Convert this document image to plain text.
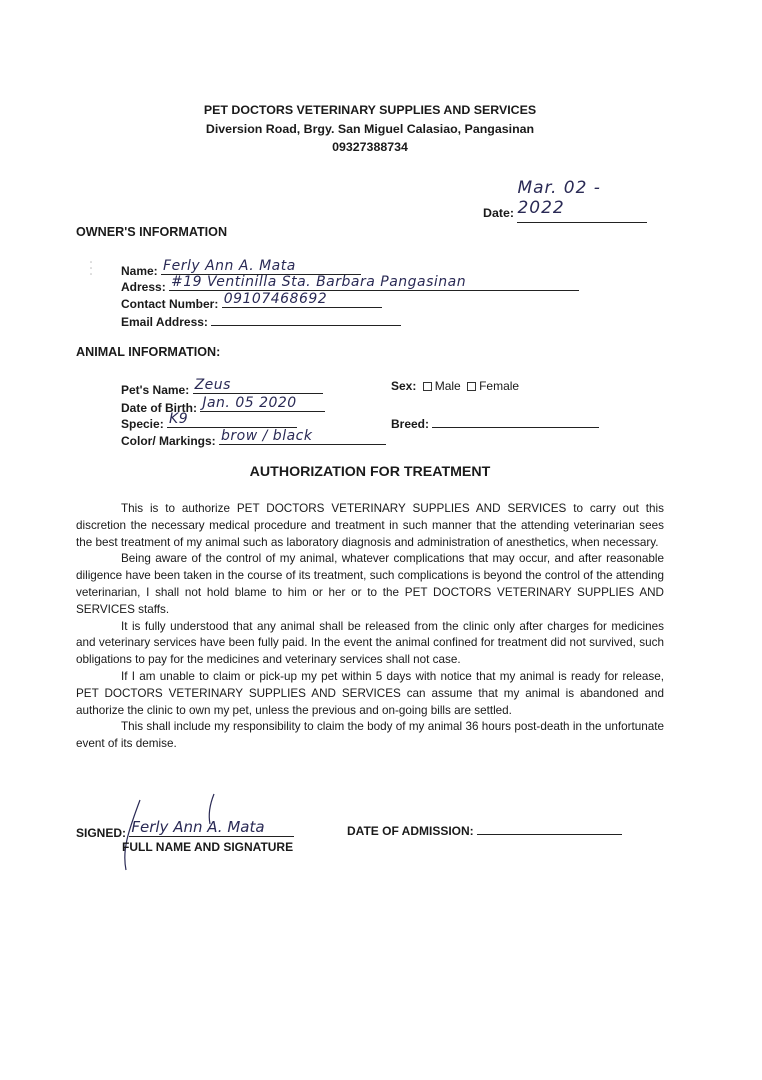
PET DOCTORS VETERINARY SUPPLIES AND SERVICES
Diversion Road, Brgy. San Miguel Calasiao, Pangasinan
09327388734
Date: Mar. 02 - 2022
OWNER'S INFORMATION
Name: Ferly Ann A. Mata
Adress: #19 Ventinilla Sta. Barbara Pangasinan
Contact Number: 09107468692
Email Address:
ANIMAL INFORMATION:
Pet's Name: Zeus
Date of Birth: Jan. 05 2020
Specie: K9
Color/ Markings: brow / black
Sex: Male Female
Breed:
AUTHORIZATION FOR TREATMENT

This is to authorize PET DOCTORS VETERINARY SUPPLIES AND SERVICES to carry out this discretion the necessary medical procedure and treatment in such manner that the attending veterinarian sees the best treatment of my animal such as laboratory diagnosis and administration of anesthetics, when necessary.

Being aware of the control of my animal, whatever complications that may occur, and after reasonable diligence have been taken in the course of its treatment, such complications is beyond the control of the attending veterinarian, I shall not hold blame to him or her or to the PET DOCTORS VETERINARY SUPPLIES AND SERVICES staffs.

It is fully understood that any animal shall be released from the clinic only after charges for medicines and veterinary services have been fully paid. In the event the animal confined for treatment did not survived, such obligations to pay for the medicines and veterinary services shall not case.

If I am unable to claim or pick-up my pet within 5 days with notice that my animal is ready for release, PET DOCTORS VETERINARY SUPPLIES AND SERVICES can assume that my animal is abandoned and authorize the clinic to own my pet, unless the previous and on-going bills are settled.

This shall include my responsibility to claim the body of my animal 36 hours post-death in the unfortunate event of its demise.

SIGNED: Ferly Ann A. Mata
FULL NAME AND SIGNATURE
DATE OF ADMISSION:
